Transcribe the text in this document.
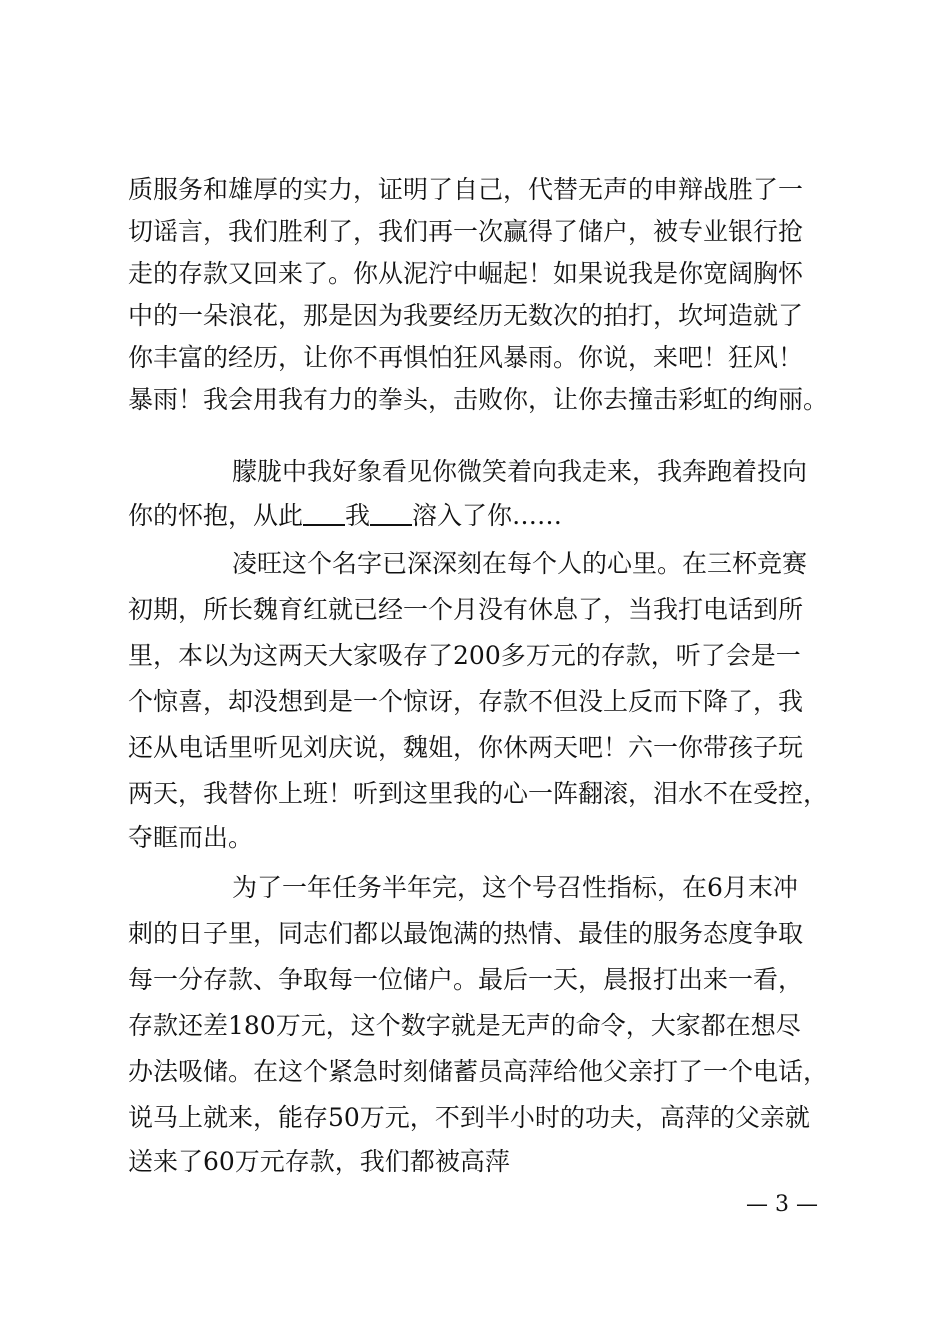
质服务和雄厚的实力，证明了自己，代替无声的申辩战胜了一
切谣言，我们胜利了，我们再一次赢得了储户，被专业银行抢
走的存款又回来了。你从泥泞中崛起！如果说我是你宽阔胸怀
中的一朵浪花，那是因为我要经历无数次的拍打，坎坷造就了
你丰富的经历，让你不再惧怕狂风暴雨。你说，来吧！狂风！
暴雨！我会用我有力的拳头，击败你，让你去撞击彩虹的绚丽。
朦胧中我好象看见你微笑着向我走来，我奔跑着投向
你的怀抱，从此 我 溶入了你……
凌旺这个名字已深深刻在每个人的心里。在三杯竞赛
初期，所长魏育红就已经一个月没有休息了，当我打电话到所
里，本以为这两天大家吸存了200多万元的存款，听了会是一
个惊喜，却没想到是一个惊讶，存款不但没上反而下降了，我
还从电话里听见刘庆说，魏姐，你休两天吧！六一你带孩子玩
两天，我替你上班！听到这里我的心一阵翻滚，泪水不在受控，
夺眶而出。
为了一年任务半年完，这个号召性指标，在6月末冲
刺的日子里，同志们都以最饱满的热情、最佳的服务态度争取
每一分存款、争取每一位储户。最后一天，晨报打出来一看，
存款还差180万元，这个数字就是无声的命令，大家都在想尽
办法吸储。在这个紧急时刻储蓄员高萍给他父亲打了一个电话，
说马上就来，能存50万元，不到半小时的功夫，高萍的父亲就
送来了60万元存款，我们都被高萍
— 3 —
